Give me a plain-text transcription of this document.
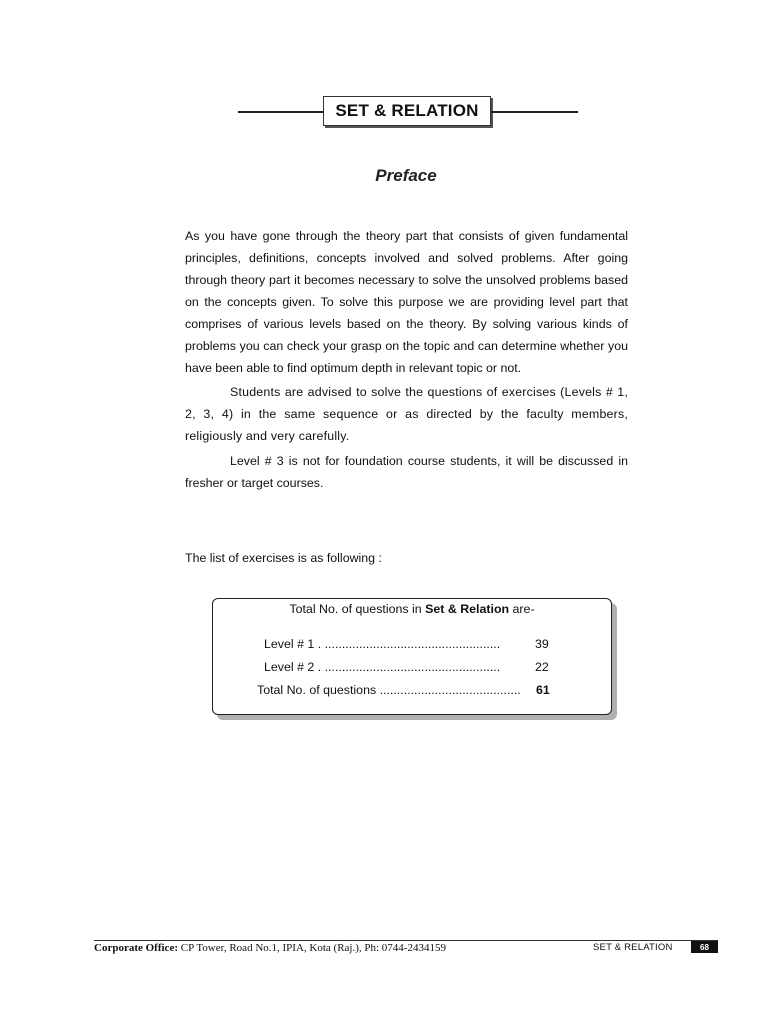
SET & RELATION
Preface

As you have gone through the theory part that consists of given fundamental principles, definitions, concepts involved and solved problems. After going through theory part it becomes necessary to solve the unsolved problems based on the concepts given. To solve this purpose we are providing level part that comprises of various levels based on the theory. By solving various kinds of problems you can check your grasp on the topic and can determine whether you have been able to find optimum depth in relevant topic or not.

Students are advised to solve the questions of exercises (Levels # 1, 2, 3, 4) in the same sequence or as directed by the faculty members, religiously and very carefully.

Level # 3 is not for foundation course students, it will be discussed in fresher or target courses.

The list of exercises is as following :
Total No. of questions in Set & Relation are-
Level # 1 . ...................................................	39
Level # 2 . ...................................................	22
Total No. of questions ......................................... 61
Corporate Office: CP Tower, Road No.1, IPIA, Kota (Raj.), Ph: 0744-2434159	SET & RELATION	68
